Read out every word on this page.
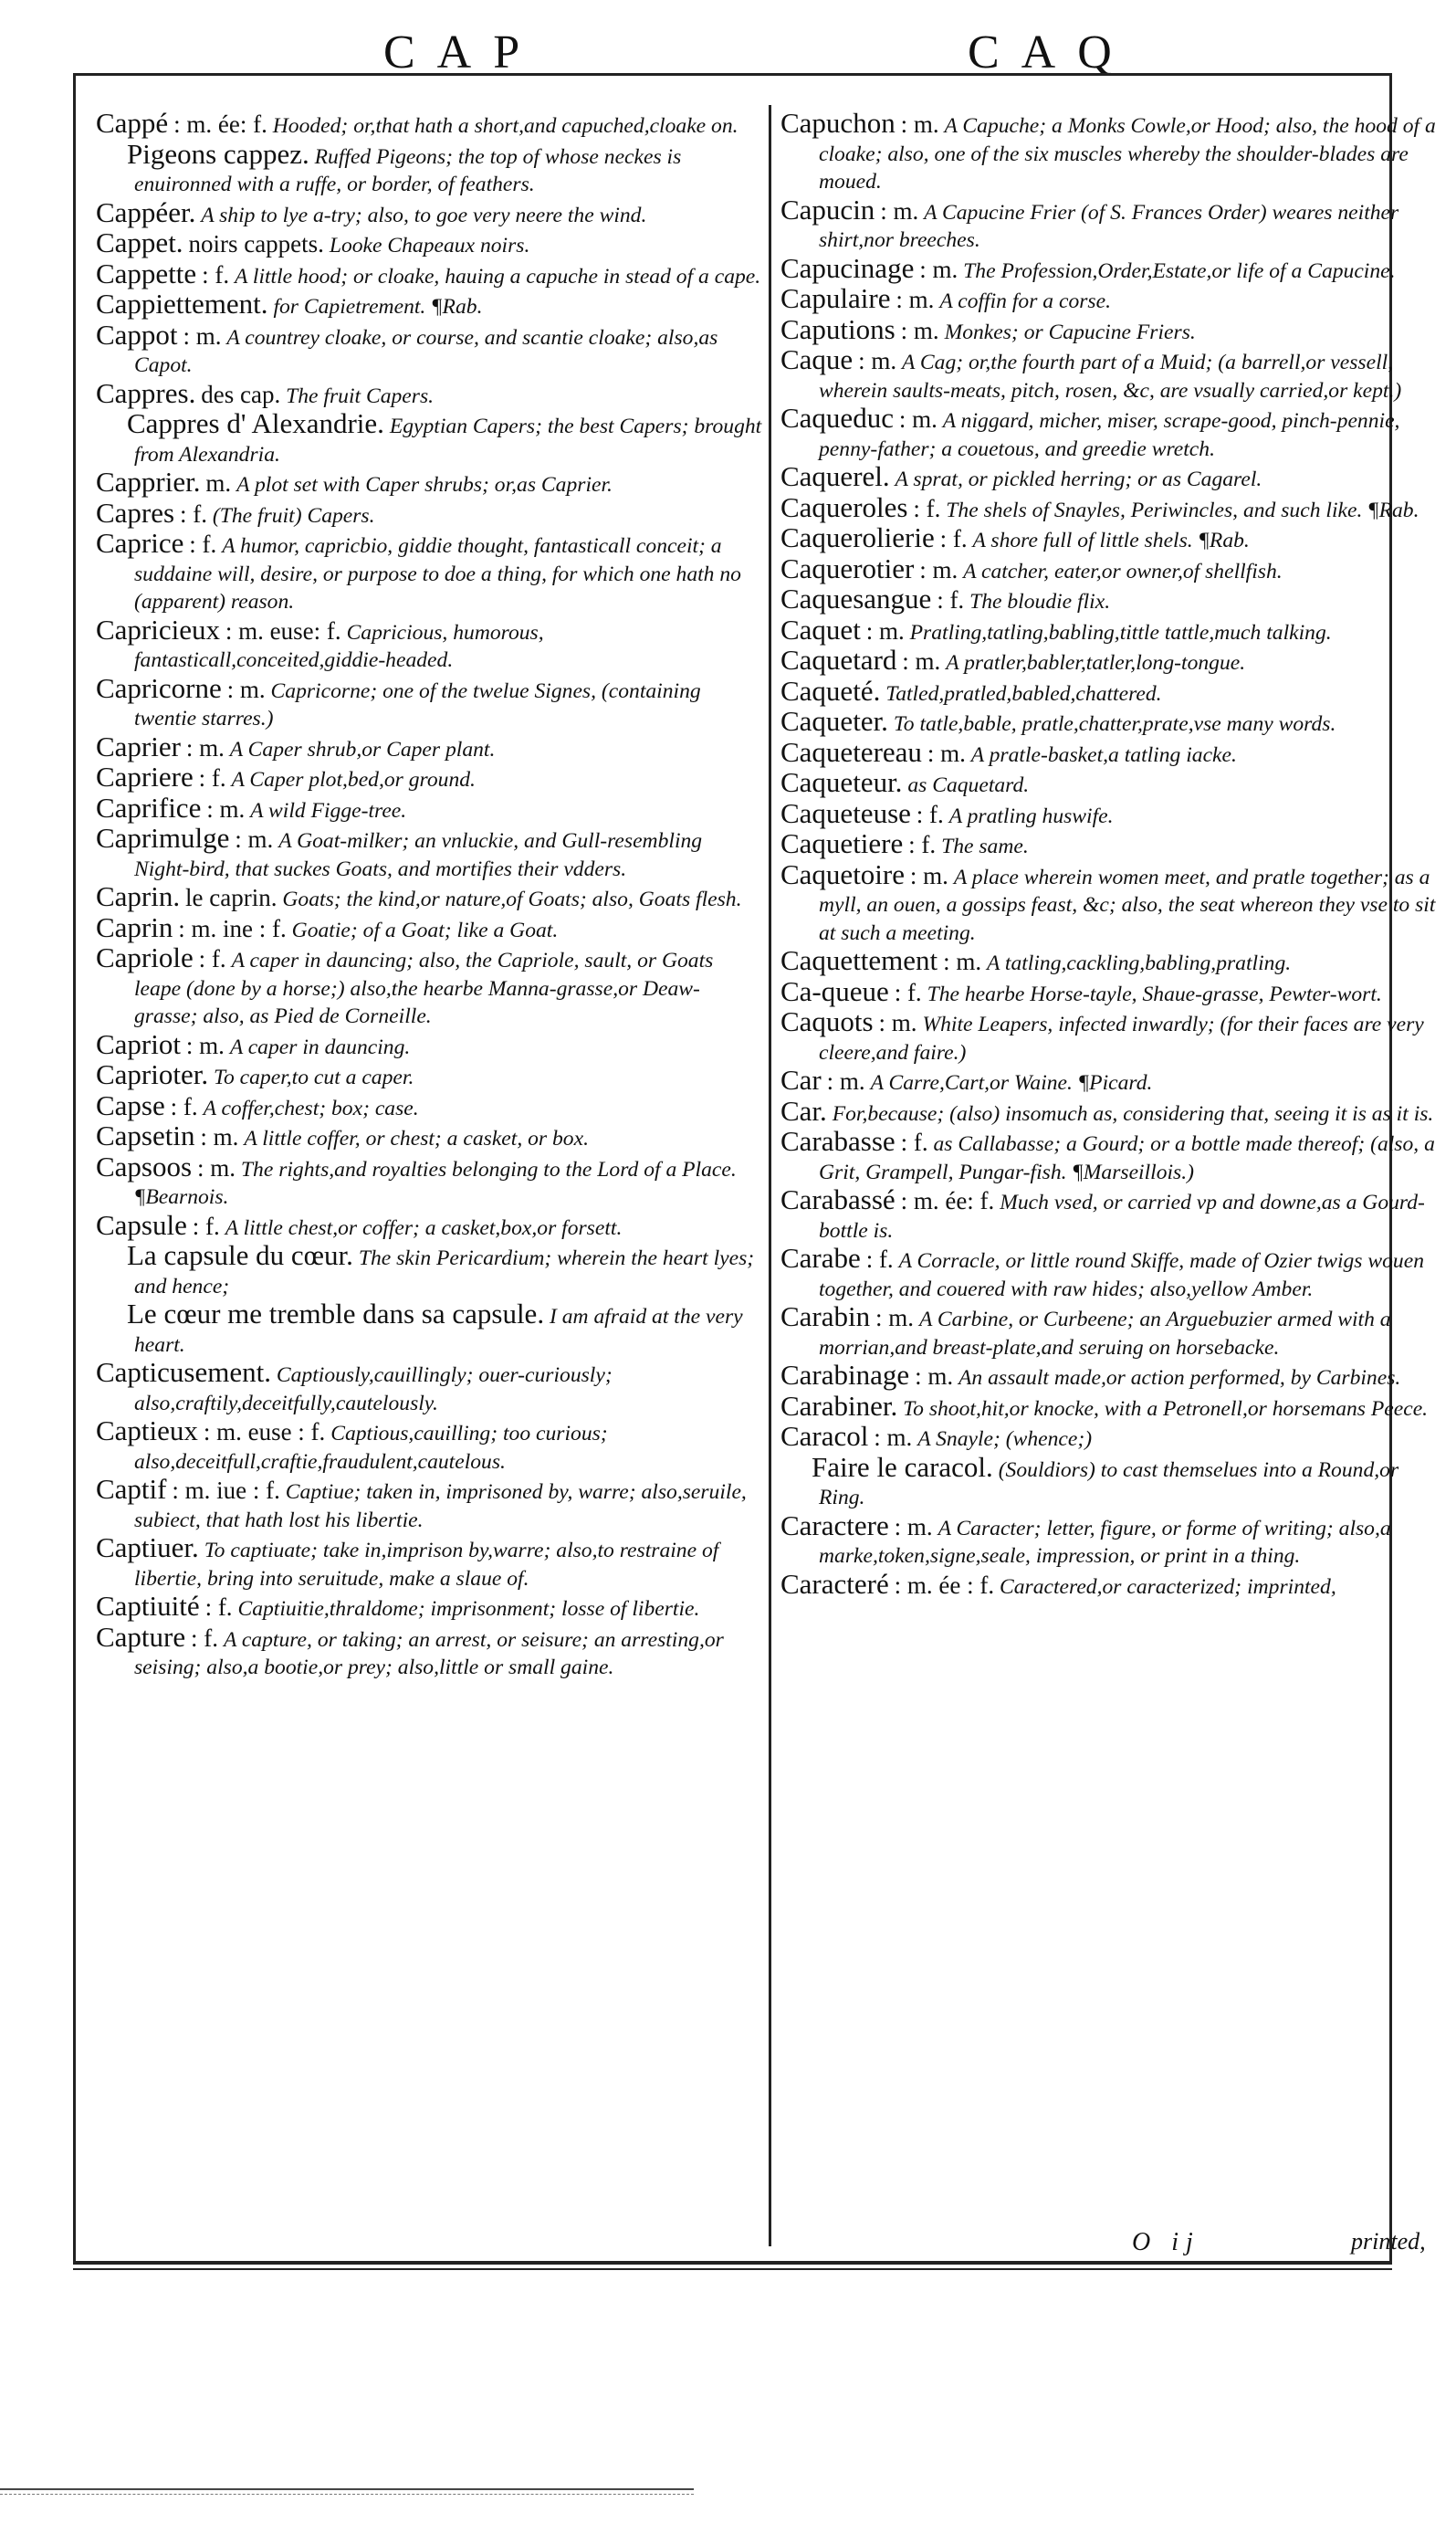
CAP	CAQ

Cappé : m. ée: f. Hooded; or,that hath a short,and capuched,cloake on.

Pigeons cappez. Ruffed Pigeons; the top of whose neckes is enuironned with a ruffe, or border, of feathers.

Cappéer. A ship to lye a-try; also, to goe very neere the wind.

Cappet. noirs cappets. Looke Chapeaux noirs.

Cappette : f. A little hood; or cloake, hauing a capuche in stead of a cape.

Cappiettement. for Capietrement. ¶Rab.

Cappot : m. A countrey cloake, or course, and scantie cloake; also,as Capot.

Cappres. des cap. The fruit Capers.

Cappres d' Alexandrie. Egyptian Capers; the best Capers; brought from Alexandria.

Capprier. m. A plot set with Caper shrubs; or,as Caprier.

Capres : f. (The fruit) Capers.

Caprice : f. A humor, capricbio, giddie thought, fantasticall conceit; a suddaine will, desire, or purpose to doe a thing, for which one hath no (apparent) reason.

Capricieux : m. euse: f. Capricious, humorous, fantasticall,conceited,giddie-headed.

Capricorne : m. Capricorne; one of the twelue Signes, (containing twentie starres.)

Caprier : m. A Caper shrub,or Caper plant.

Capriere : f. A Caper plot,bed,or ground.

Caprifice : m. A wild Figge-tree.

Caprimulge : m. A Goat-milker; an vnluckie, and Gull-resembling Night-bird, that suckes Goats, and mortifies their vdders.

Caprin. le caprin. Goats; the kind,or nature,of Goats; also, Goats flesh.

Caprin : m. ine : f. Goatie; of a Goat; like a Goat.

Capriole : f. A caper in dauncing; also, the Capriole, sault, or Goats leape (done by a horse;) also,the hearbe Manna-grasse,or Deaw-grasse; also, as Pied de Corneille.

Capriot : m. A caper in dauncing.

Caprioter. To caper,to cut a caper.

Capse : f. A coffer,chest; box; case.

Capsetin : m. A little coffer, or chest; a casket, or box.

Capsoos : m. The rights,and royalties belonging to the Lord of a Place. ¶Bearnois.

Capsule : f. A little chest,or coffer; a casket,box,or forsett.

La capsule du cœur. The skin Pericardium; wherein the heart lyes; and hence;

Le cœur me tremble dans sa capsule. I am afraid at the very heart.

Capticusement. Captiously,cauillingly; ouer-curiously; also,craftily,deceitfully,cautelously.

Captieux : m. euse : f. Captious,cauilling; too curious; also,deceitfull,craftie,fraudulent,cautelous.

Captif : m. iue : f. Captiue; taken in, imprisoned by, warre; also,seruile, subiect, that hath lost his libertie.

Captiuer. To captiuate; take in,imprison by,warre; also,to restraine of libertie, bring into seruitude, make a slaue of.

Captiuité : f. Captiuitie,thraldome; imprisonment; losse of libertie.

Capture : f. A capture, or taking; an arrest, or seisure; an arresting,or seising; also,a bootie,or prey; also,little or small gaine.

Capuchon : m. A Capuche; a Monks Cowle,or Hood; also, the hood of a cloake; also, one of the six muscles whereby the shoulder-blades are moued.

Capucin : m. A Capucine Frier (of S. Frances Order) weares neither shirt,nor breeches.

Capucinage : m. The Profession,Order,Estate,or life of a Capucine.

Capulaire : m. A coffin for a corse.

Caputions : m. Monkes; or Capucine Friers.

Caque : m. A Cag; or,the fourth part of a Muid; (a barrell,or vessell, wherein saults-meats, pitch, rosen, &c, are vsually carried,or kept.)

Caqueduc : m. A niggard, micher, miser, scrape-good, pinch-pennie, penny-father; a couetous, and greedie wretch.

Caquerel. A sprat, or pickled herring; or as Cagarel.

Caqueroles : f. The shels of Snayles, Periwincles, and such like. ¶Rab.

Caquerolierie : f. A shore full of little shels. ¶Rab.

Caquerotier : m. A catcher, eater,or owner,of shellfish.

Caquesangue : f. The bloudie flix.

Caquet : m. Pratling,tatling,babling,tittle tattle,much talking.

Caquetard : m. A pratler,babler,tatler,long-tongue.

Caqueté. Tatled,pratled,babled,chattered.

Caqueter. To tatle,bable, pratle,chatter,prate,vse many words.

Caquetereau : m. A pratle-basket,a tatling iacke.

Caqueteur. as Caquetard.

Caqueteuse : f. A pratling huswife.

Caquetiere : f. The same.

Caquetoire : m. A place wherein women meet, and pratle together; as a myll, an ouen, a gossips feast, &c; also, the seat whereon they vse to sit at such a meeting.

Caquettement : m. A tatling,cackling,babling,pratling.

Ca-queue : f. The hearbe Horse-tayle, Shaue-grasse, Pewter-wort.

Caquots : m. White Leapers, infected inwardly; (for their faces are very cleere,and faire.)

Car : m. A Carre,Cart,or Waine. ¶Picard.

Car. For,because; (also) insomuch as, considering that, seeing it is as it is.

Carabasse : f. as Callabasse; a Gourd; or a bottle made thereof; (also, a Grit, Grampell, Pungar-fish. ¶Marseillois.)

Carabassé : m. ée: f. Much vsed, or carried vp and downe,as a Gourd-bottle is.

Carabe : f. A Corracle, or little round Skiffe, made of Ozier twigs wouen together, and couered with raw hides; also,yellow Amber.

Carabin : m. A Carbine, or Curbeene; an Arguebuzier armed with a morrian,and breast-plate,and seruing on horsebacke.

Carabinage : m. An assault made,or action performed, by Carbines.

Carabiner. To shoot,hit,or knocke, with a Petronell,or horsemans Peece.

Caracol : m. A Snayle; (whence;)

Faire le caracol. (Souldiors) to cast themselues into a Round,or Ring.

Caractere : m. A Caracter; letter, figure, or forme of writing; also,a marke,token,signe,seale, impression, or print in a thing.

Caracteré : m. ée : f. Caractered,or caracterized; imprinted,

O ij	printed,
